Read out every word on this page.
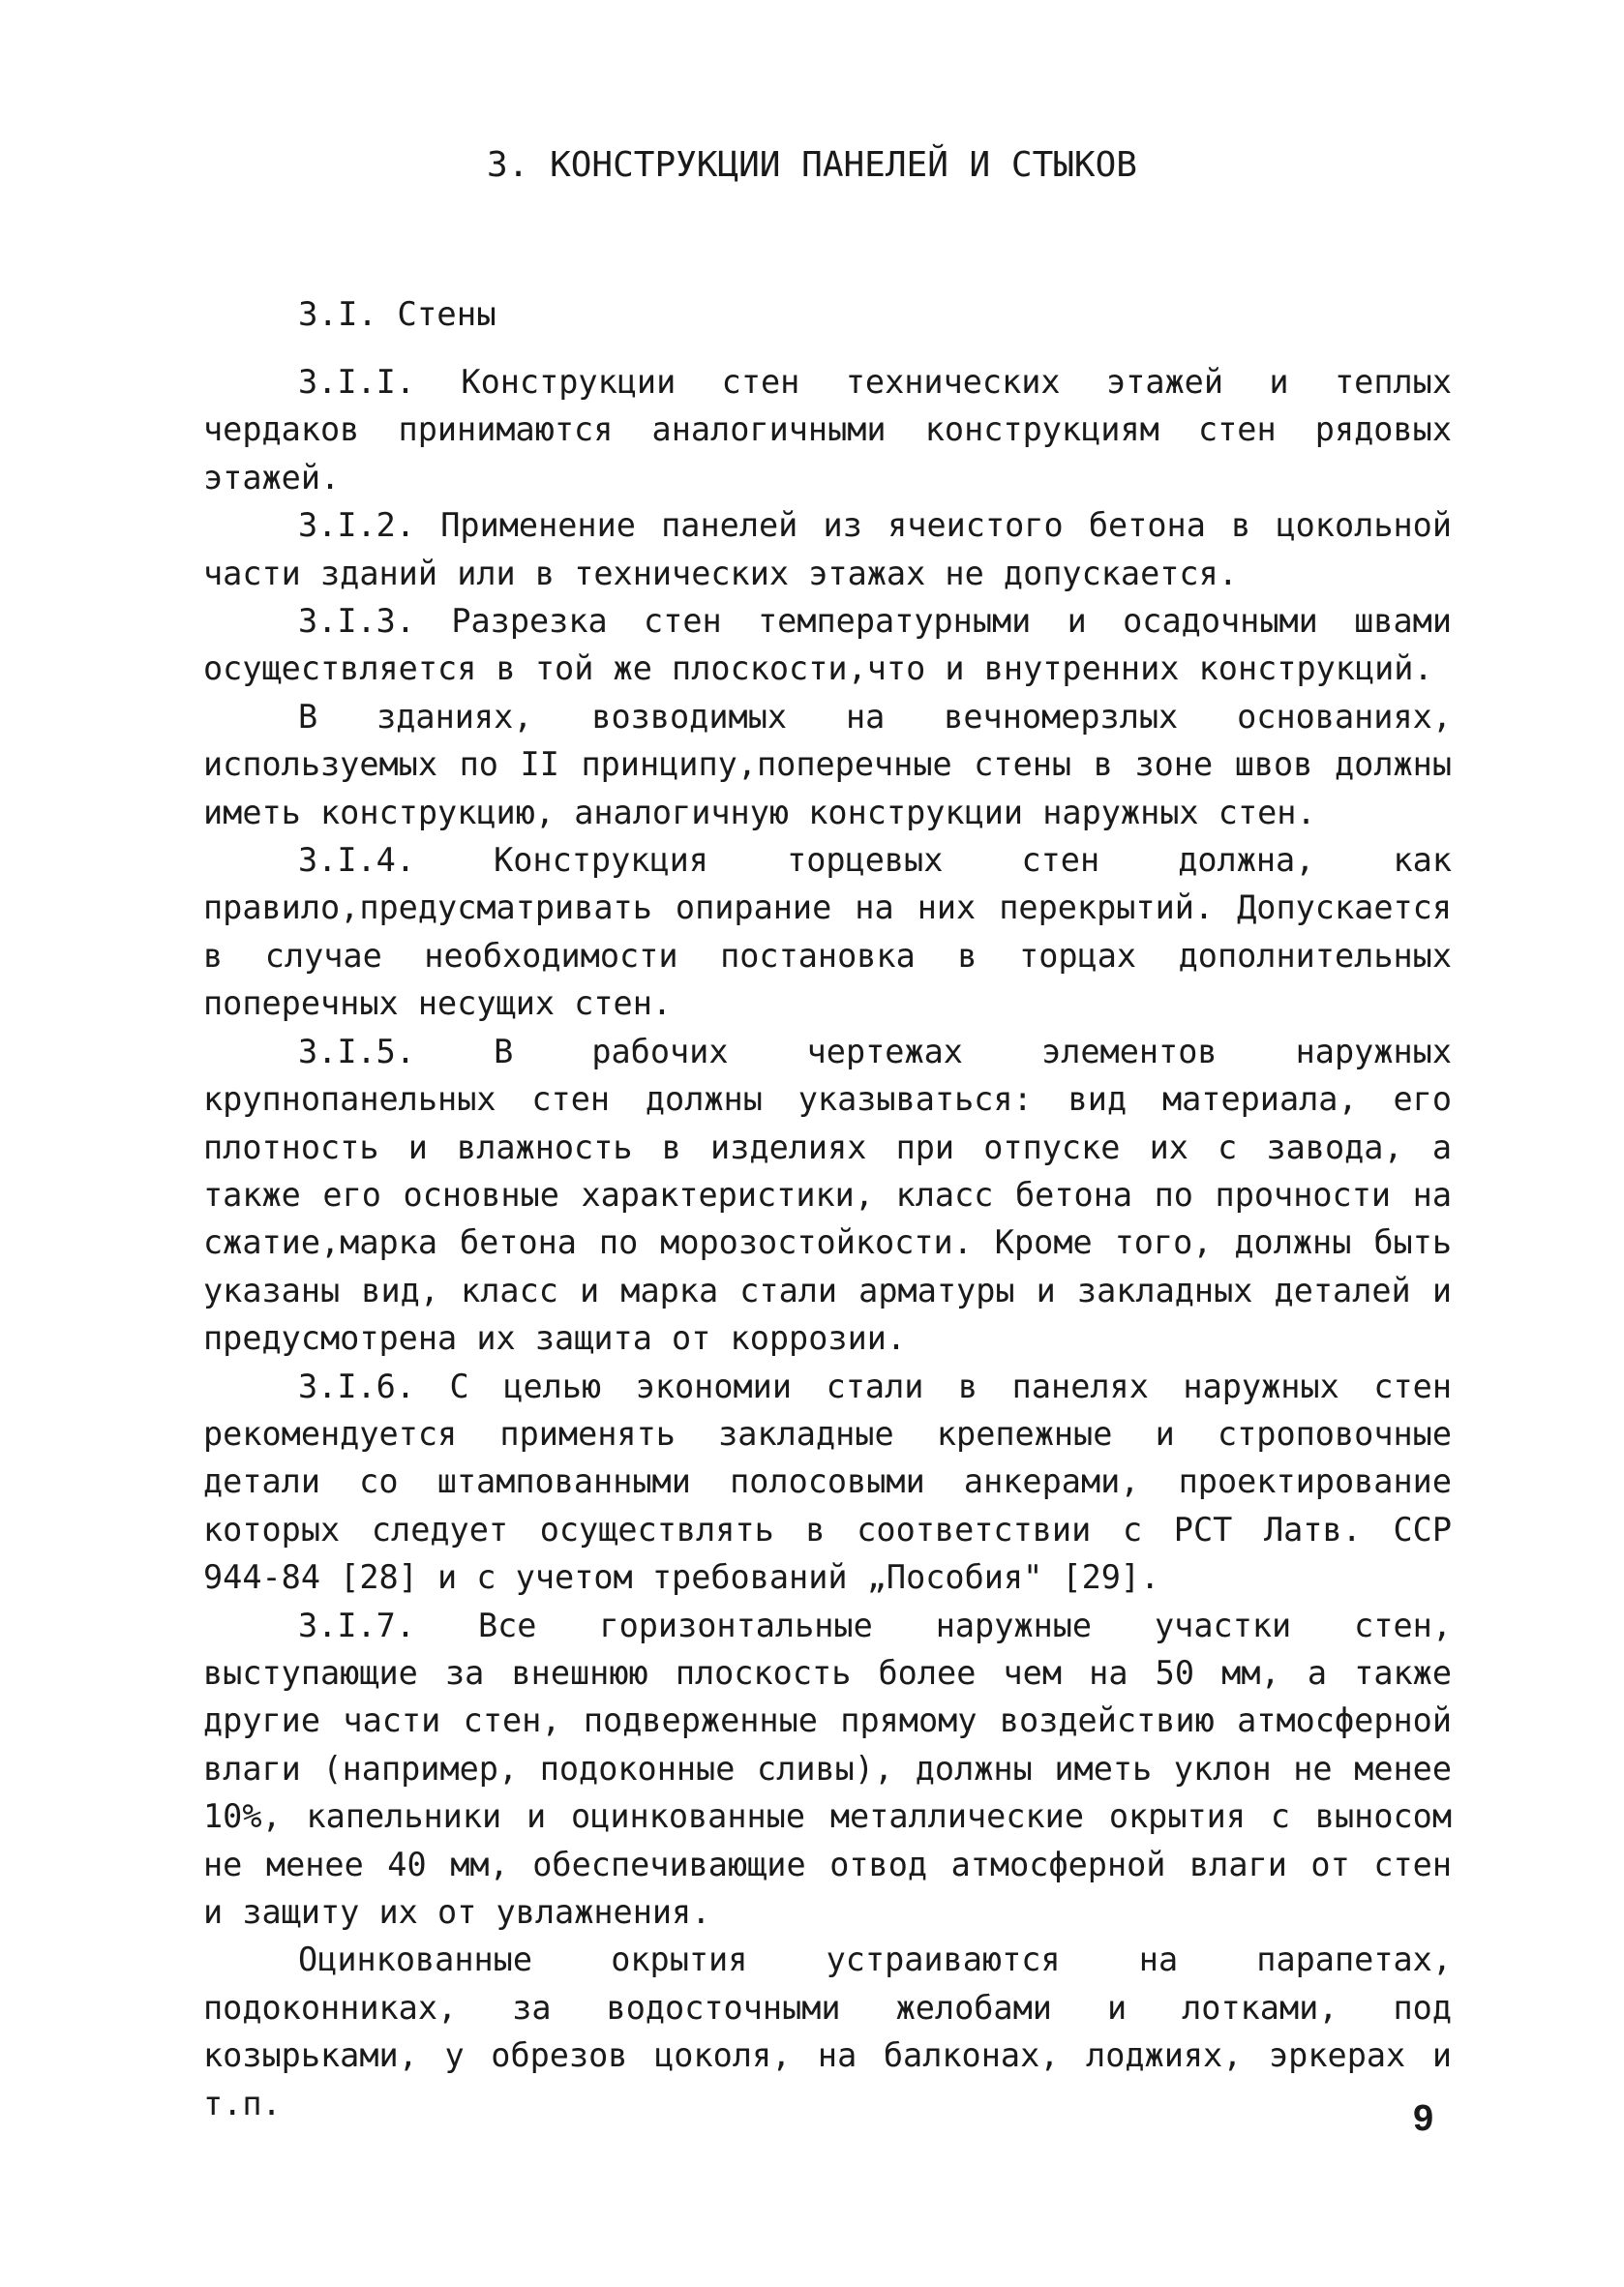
3. КОНСТРУКЦИИ ПАНЕЛЕЙ И СТЫКОВ
3.I. Стены

3.I.I. Конструкции стен технических этажей и теплых чердаков принимаются аналогичными конструкциям стен рядовых этажей.

3.I.2. Применение панелей из ячеистого бетона в цокольной части зданий или в технических этажах не допускается.

3.I.3. Разрезка стен температурными и осадочными швами осуществляется в той же плоскости,что и внутренних конструкций.

В зданиях, возводимых на вечномерзлых основаниях, используемых по II принципу,поперечные стены в зоне швов должны иметь конструкцию, аналогичную конструкции наружных стен.

3.I.4. Конструкция торцевых стен должна, как правило,предусматривать опирание на них перекрытий. Допускается в случае необходимости постановка в торцах дополнительных поперечных несущих стен.

3.I.5. В рабочих чертежах элементов наружных крупнопанельных стен должны указываться: вид материала, его плотность и влажность в изделиях при отпуске их с завода, а также его основные характеристики, класс бетона по прочности на сжатие,марка бетона по морозостойкости. Кроме того, должны быть указаны вид, класс и марка стали арматуры и закладных деталей и предусмотрена их защита от коррозии.

3.I.6. С целью экономии стали в панелях наружных стен рекомендуется применять закладные крепежные и строповочные детали со штампованными полосовыми анкерами, проектирование которых следует осуществлять в соответствии с РСТ Латв. ССР 944-84 [28] и с учетом требований „Пособия" [29].

3.I.7. Все горизонтальные наружные участки стен, выступающие за внешнюю плоскость более чем на 50 мм, а также другие части стен, подверженные прямому воздействию атмосферной влаги (например, подоконные сливы), должны иметь уклон не менее 10%, капельники и оцинкованные металлические окрытия с выносом не менее 40 мм, обеспечивающие отвод атмосферной влаги от стен и защиту их от увлажнения.

Оцинкованные окрытия устраиваются на парапетах, подоконниках, за водосточными желобами и лотками, под козырьками, у обрезов цоколя, на балконах, лоджиях, эркерах и т.п.	9
